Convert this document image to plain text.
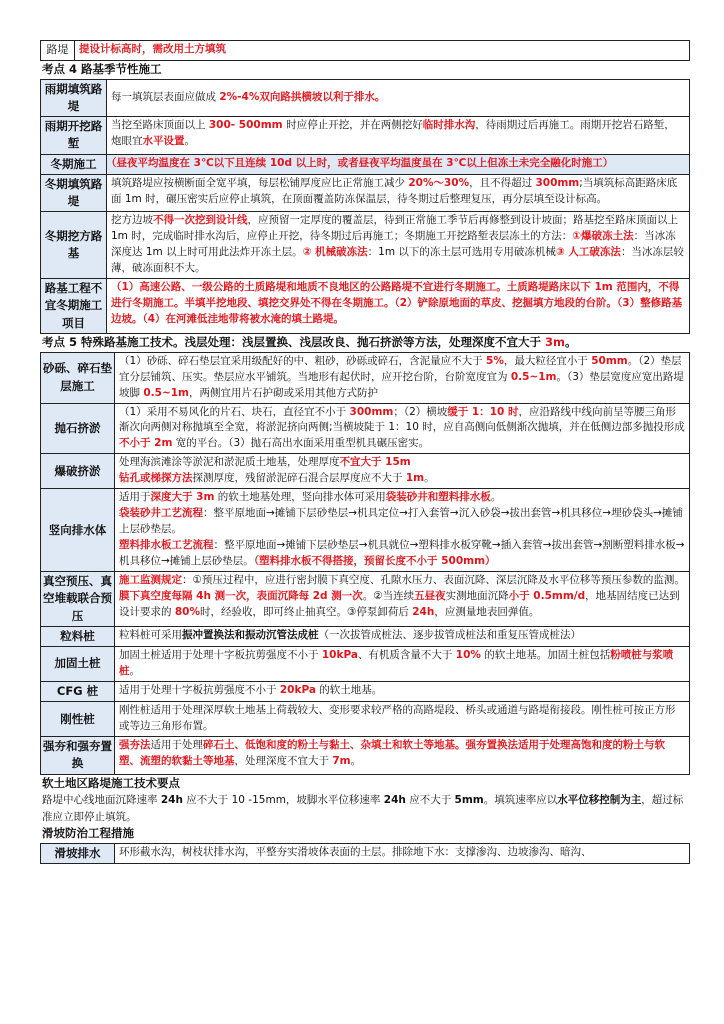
路堤	提设计标高时，需改用土方填筑
考点 4 路基季节性施工
雨期填筑路堤	每一填筑层表面应做成 2%-4%双向路拱横坡以利于排水。
雨期开挖路堑	当挖至路床顶面以上 300- 500mm 时应停止开挖，并在两侧挖好临时排水沟，待雨期过后再施工。雨期开挖岩石路堑，炮眼宜水平设置。
冬期施工	（昼夜平均温度在 3℃以下且连续 10d 以上时，或者昼夜平均温度虽在 3℃以上但冻土未完全融化时施工）
冬期填筑路堤	填筑路堤应按横断面全宽平填，每层松铺厚度应比正常施工减少 20%～30%，且不得超过 300mm;当填筑标高距路床底面 1m 时，碾压密实后应停止填筑，在顶面覆盖防冻保温层，待冬期过后整理复压，再分层填至设计标高。
冬期挖方路基	挖方边坡不得一次挖到设计线，应预留一定厚度的覆盖层，待到正常施工季节后再修整到设计坡面；路基挖至路床顶面以上 1m 时，完成临时排水沟后，应停止开挖，待冬期过后再施工；冬期施工开挖路堑表层冻土的方法：①爆破冻土法：当冰冻深度达 1m 以上时可用此法炸开冻土层。② 机械破冻法：1m 以下的冻土层可选用专用破冻机械③ 人工破冻法：当冰冻层较薄，破冻面积不大。
路基工程不宜冬期施工项目	（1）高速公路、一级公路的土质路堤和地质不良地区的公路路堤不宜进行冬期施工。土质路堤路床以下 1m 范围内，不得进行冬期施工。半填半挖地段、填挖交界处不得在冬期施工。（2）铲除原地面的草皮、挖掘填方地段的台阶。（3）整修路基边坡。（4）在河滩低洼地带将被水淹的填土路堤。
考点 5 特殊路基施工技术。浅层处理：浅层置换、浅层改良、抛石挤淤等方法，处理深度不宜大于 3m。
砂砾、碎石垫层施工	（1）砂砾、碎石垫层宜采用级配好的中、粗砂，砂砾或碎石，含泥量应不大于 5%，最大粒径宜小于 50mm。（2）垫层宜分层铺筑、压实。垫层应水平铺筑。当地形有起伏时，应开挖台阶，台阶宽度宜为 0.5~1m。（3）垫层宽度应宽出路堤坡脚 0.5~1m，两侧宜用片石护砌或采用其他方式防护
抛石挤淤	（1）采用不易风化的片石、块石，直径宜不小于 300mm；（2）横坡缓于 1：10 时，应沿路线中线向前呈等腰三角形渐次向两侧对称抛填至全宽，将淤泥挤向两侧;当横坡陡于 1：10 时，应自高侧向低侧渐次抛填，并在低侧边部多抛投形成不小于 2m 宽的平台。（3）抛石高出水面采用重型机具碾压密实。
爆破挤淤	处理海滨滩涂等淤泥和淤泥质土地基，处理厚度不宜大于 15m
钻孔或梯探方法探测厚度，残留淤泥碎石混合层厚度应不大于 1m。
竖向排水体	适用于深度大于 3m 的软土地基处理，竖向排水体可采用袋装砂井和塑料排水板。
袋装砂井工艺流程：整平原地面→摊铺下层砂垫层→机具定位→打入套管→沉入砂袋→拔出套管→机具移位→埋砂袋头→摊铺上层砂垫层。
塑料排水板工艺流程：整平原地面→摊铺下层砂垫层→机具就位→塑料排水板穿靴→插入套管→拔出套管→割断塑料排水板→机具移位→摊铺上层砂垫层。（塑料排水板不得搭接，预留长度不小于 500mm）
真空预压、真空堆载联合预压	施工监测规定：①预压过程中，应进行密封膜下真空度、孔隙水压力、表面沉降、深层沉降及水平位移等预压参数的监测。膜下真空度每隔 4h 测一次，表面沉降每 2d 测一次。②当连续五昼夜实测地面沉降小于 0.5mm/d，地基固结度已达到设计要求的 80%时，经验收，即可终止抽真空。③停泵卸荷后 24h，应测量地表回弹值。
粒料桩	粒料桩可采用振冲置换法和振动沉管法成桩（一次拔管成桩法、逐步拔管成桩法和重复压管成桩法）
加固土桩	加固土桩适用于处理十字板抗剪强度不小于 10kPa、有机质含量不大于 10% 的软土地基。加固土桩包括粉喷桩与浆喷桩。
CFG 桩	适用于处理十字板抗剪强度不小于 20kPa 的软土地基。
刚性桩	刚性桩适用于处理深厚软土地基上荷载较大、变形要求较严格的高路堤段、桥头或通道与路堤衔接段。刚性桩可按正方形或等边三角形布置。
强夯和强夯置换	强夯法适用于处理碎石土、低饱和度的粉土与黏土、杂填土和软土等地基。强夯置换法适用于处理高饱和度的粉土与软塑、流塑的软黏土等地基，处理深度不宜大于 7m。
软土地区路堤施工技术要点
路堤中心线地面沉降速率 24h 应不大于 10 -15mm，坡脚水平位移速率 24h 应不大于 5mm。填筑速率应以水平位移控制为主，超过标准应立即停止填筑。
滑坡防治工程措施
滑坡排水	环形截水沟，树枝状排水沟，平整夯实滑坡体表面的土层。排除地下水：支撑渗沟、边坡渗沟、暗沟、
